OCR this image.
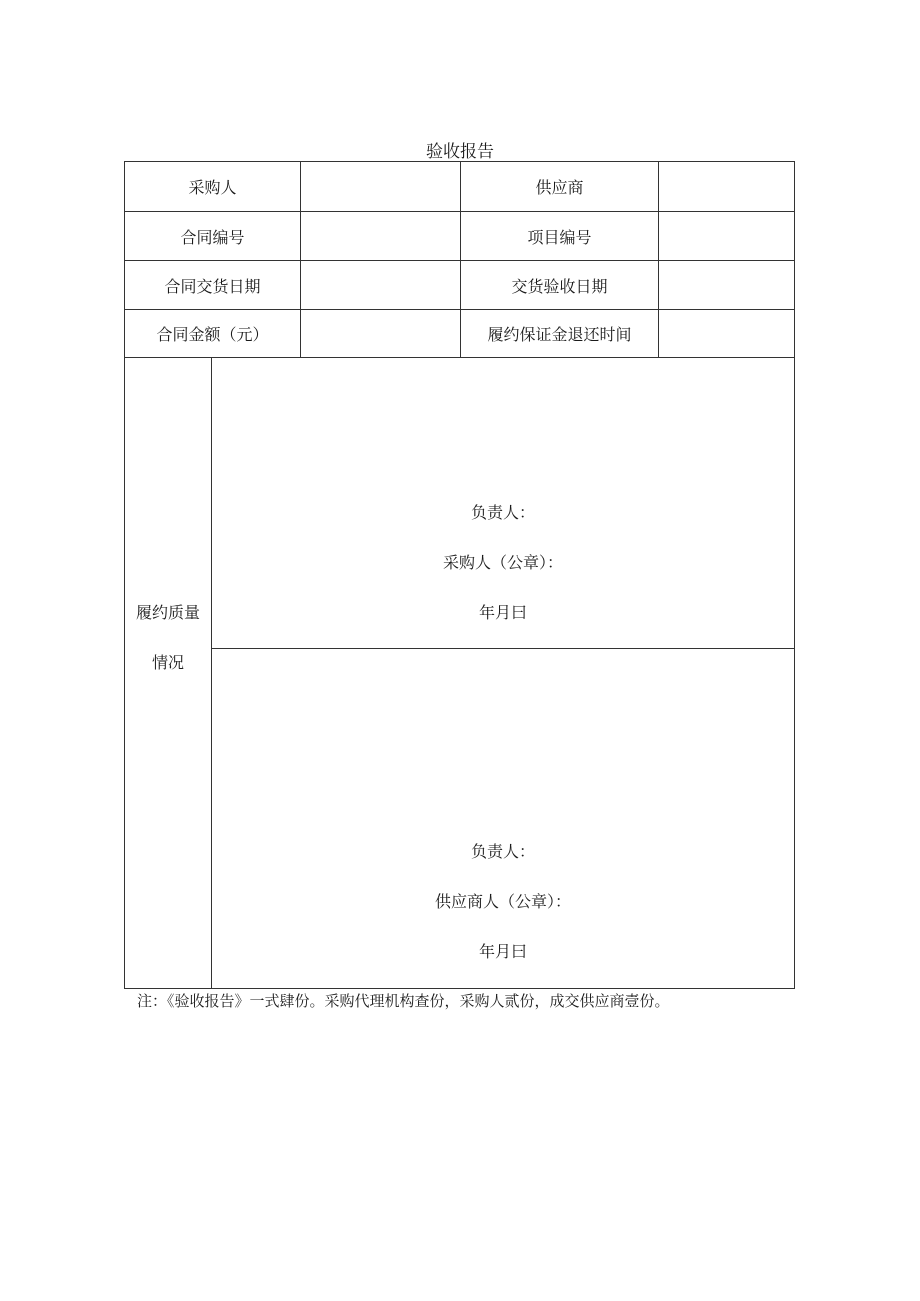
验收报告
采购人		供应商	
合同编号		项目编号	
合同交货日期		交货验收日期	
合同金额（元）		履约保证金退还时间	

履约质量
情况

负责人：
采购人（公章）：
年月曰

负责人：
供应商人（公章）：
年月曰
注：《验收报告》一式肆份。采购代理机构查份，采购人贰份，成交供应商壹份。
